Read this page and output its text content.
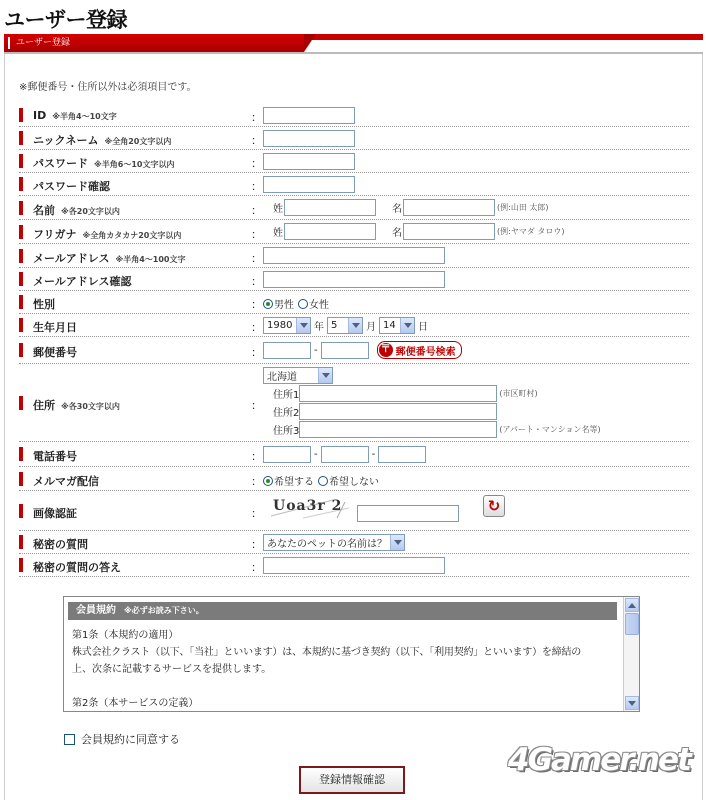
ユーザー登録
ユーザー登録
※郵便番号・住所以外は必須項目です。
ID ※半角4〜10文字	：
ニックネーム ※全角20文字以内	：
パスワード ※半角6〜10文字以内	：
パスワード確認	：
名前 ※各20文字以内	： 姓	名	(例:山田 太郎)
フリガナ ※全角カタカナ20文字以内	： 姓	名	(例:ヤマダ タロウ)
メールアドレス ※半角4〜100文字	：
メールアドレス確認	：
性別	： 男性 女性
生年月日	： 1980 年 5	月 14 日
郵便番号	：	-	〒 郵便番号検索
住所 ※各30文字以内	：
北海道
住所1	(市区町村)
住所2
住所3	(アパート・マンション名等)
電話番号	：	-	-
メルマガ配信	： 希望する 希望しない
画像認証	： Uoa3r 2	↻
秘密の質問	： あなたのペットの名前は？
秘密の質問の答え	：
会員規約 ※必ずお読み下さい。
第1条（本規約の適用）
株式会社クラスト（以下、「当社」といいます）は、本規約に基づき契約（以下、「利用契約」といいます）を締結の
上、次条に記載するサービスを提供します。

第2条（本サービスの定義）
会員規約に同意する
4Gamer.net
登録情報確認
